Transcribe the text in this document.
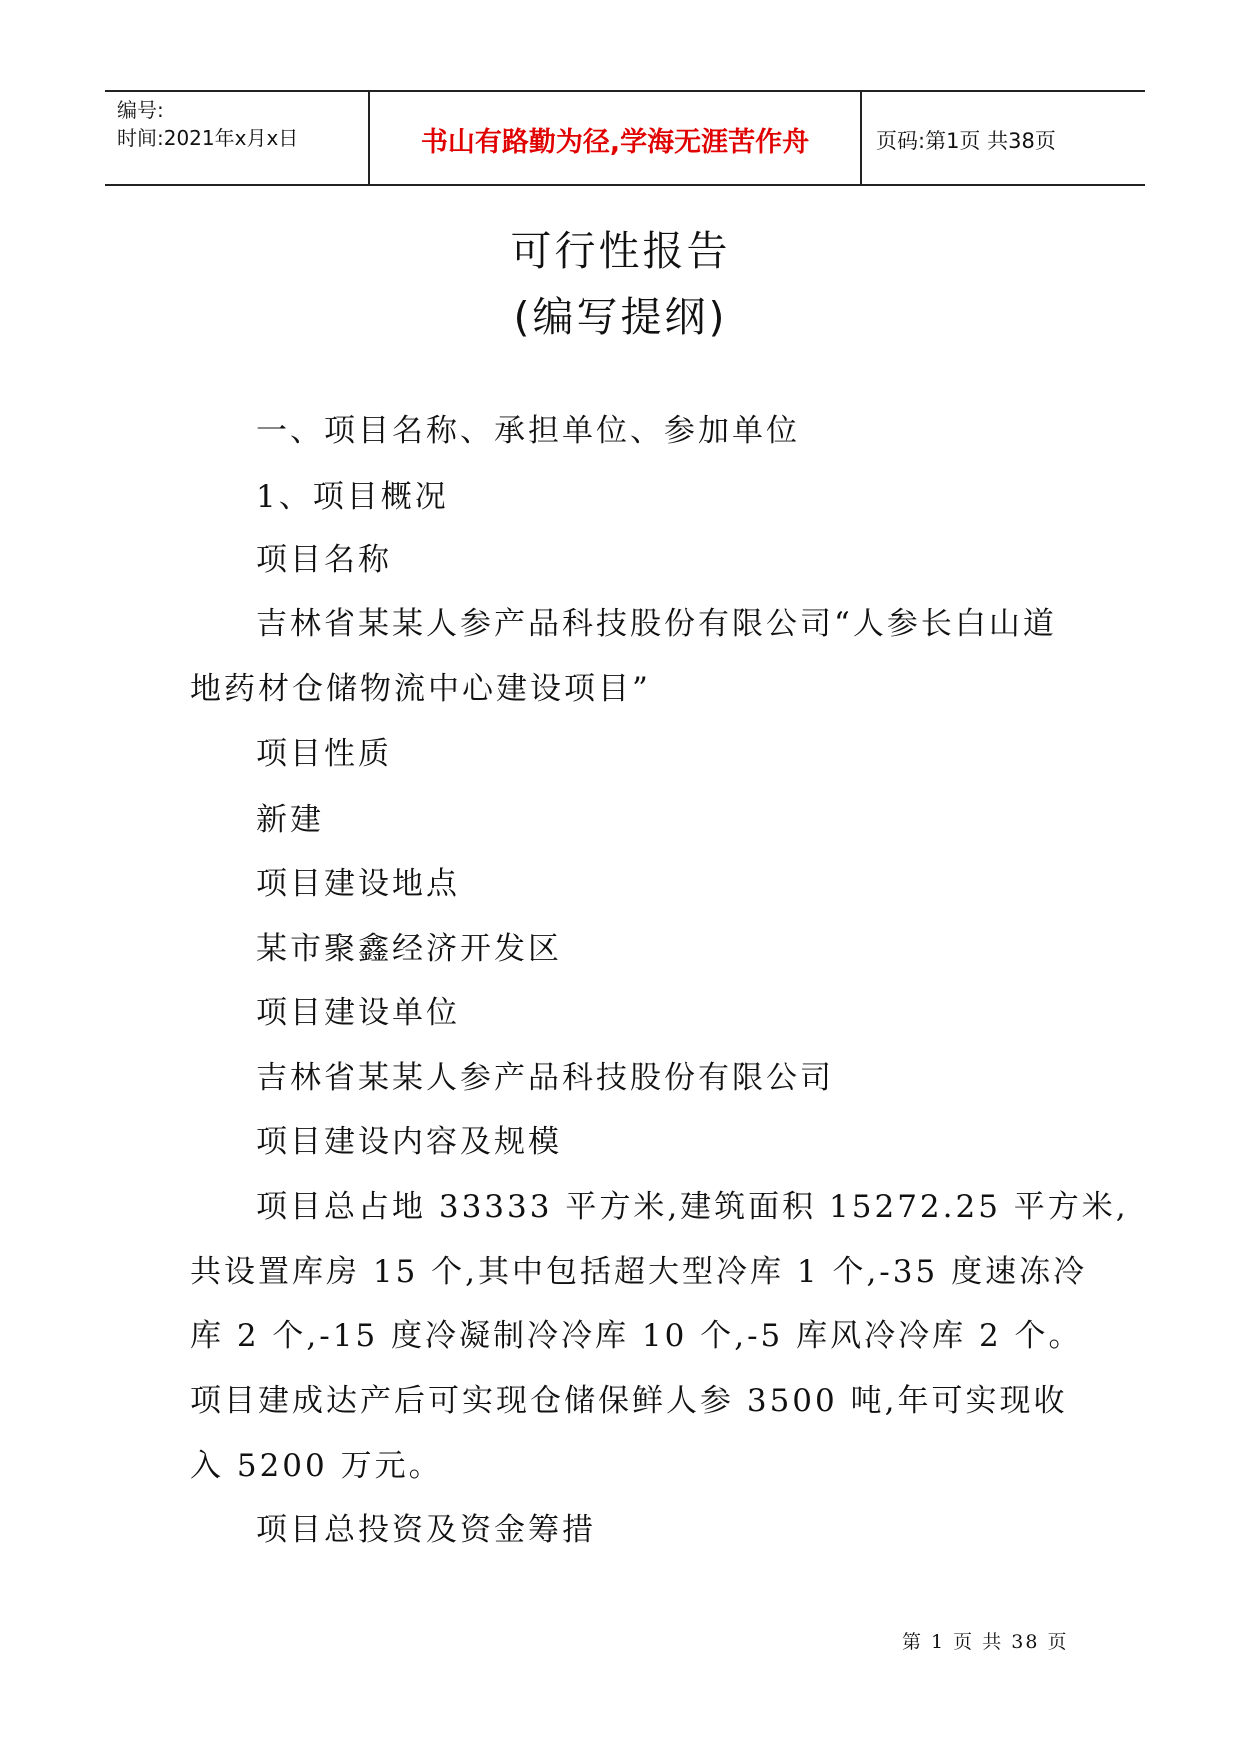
编号:
时间:2021年x月x日	书山有路勤为径,学海无涯苦作舟	页码:第1页 共38页
可行性报告
(编写提纲)
一、项目名称、承担单位、参加单位
1、项目概况
项目名称
吉林省某某人参产品科技股份有限公司“人参长白山道
地药材仓储物流中心建设项目”
项目性质
新建
项目建设地点
某市聚鑫经济开发区
项目建设单位
吉林省某某人参产品科技股份有限公司
项目建设内容及规模
项目总占地 33333 平方米,建筑面积 15272.25 平方米,
共设置库房 15 个,其中包括超大型冷库 1 个,-35 度速冻冷
库 2 个,-15 度冷凝制冷冷库 10 个,-5 库风冷冷库 2 个。
项目建成达产后可实现仓储保鲜人参 3500 吨,年可实现收
入 5200 万元。
项目总投资及资金筹措
第 1 页 共 38 页
